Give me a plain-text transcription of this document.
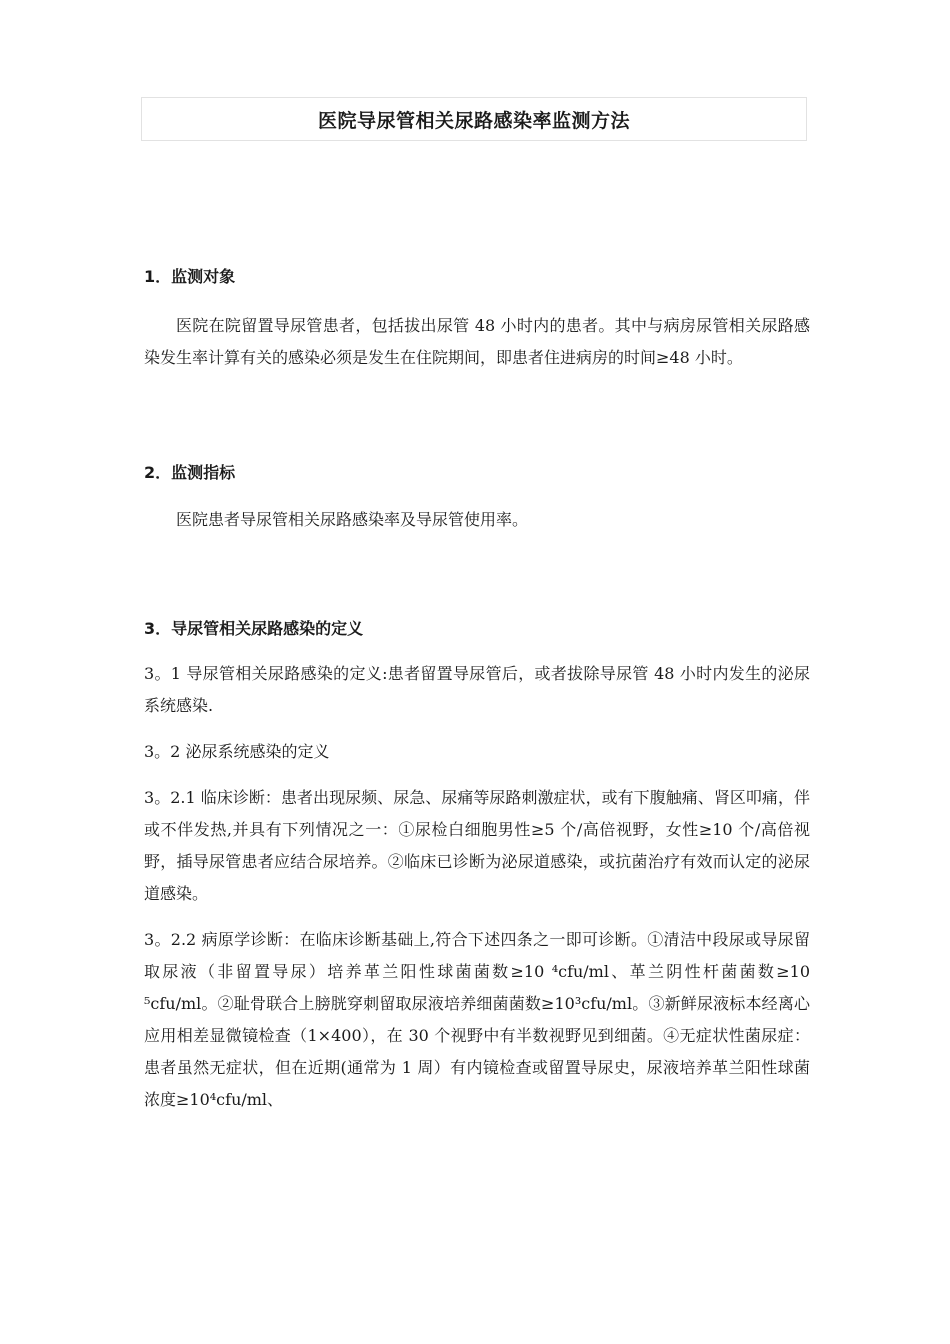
医院导尿管相关尿路感染率监测方法
1．监测对象

医院在院留置导尿管患者，包括拔出尿管 48 小时内的患者。其中与病房尿管相关尿路感染发生率计算有关的感染必须是发生在住院期间，即患者住进病房的时间≥48 小时。

2．监测指标

医院患者导尿管相关尿路感染率及导尿管使用率。

3．导尿管相关尿路感染的定义

3。1 导尿管相关尿路感染的定义:患者留置导尿管后，或者拔除导尿管 48 小时内发生的泌尿系统感染.

3。2 泌尿系统感染的定义

3。2.1 临床诊断：患者出现尿频、尿急、尿痛等尿路刺激症状，或有下腹触痛、肾区叩痛，伴或不伴发热,并具有下列情况之一：①尿检白细胞男性≥5 个/高倍视野，女性≥10 个/高倍视野，插导尿管患者应结合尿培养。②临床已诊断为泌尿道感染，或抗菌治疗有效而认定的泌尿道感染。

3。2.2 病原学诊断：在临床诊断基础上,符合下述四条之一即可诊断。①清洁中段尿或导尿留取尿液（非留置导尿）培养革兰阳性球菌菌数≥10 ⁴cfu/ml、革兰阴性杆菌菌数≥10 ⁵cfu/ml。②耻骨联合上膀胱穿刺留取尿液培养细菌菌数≥10³cfu/ml。③新鲜尿液标本经离心应用相差显微镜检查（1×400），在 30 个视野中有半数视野见到细菌。④无症状性菌尿症：患者虽然无症状，但在近期(通常为 1 周）有内镜检查或留置导尿史，尿液培养革兰阳性球菌浓度≥10⁴cfu/ml、
